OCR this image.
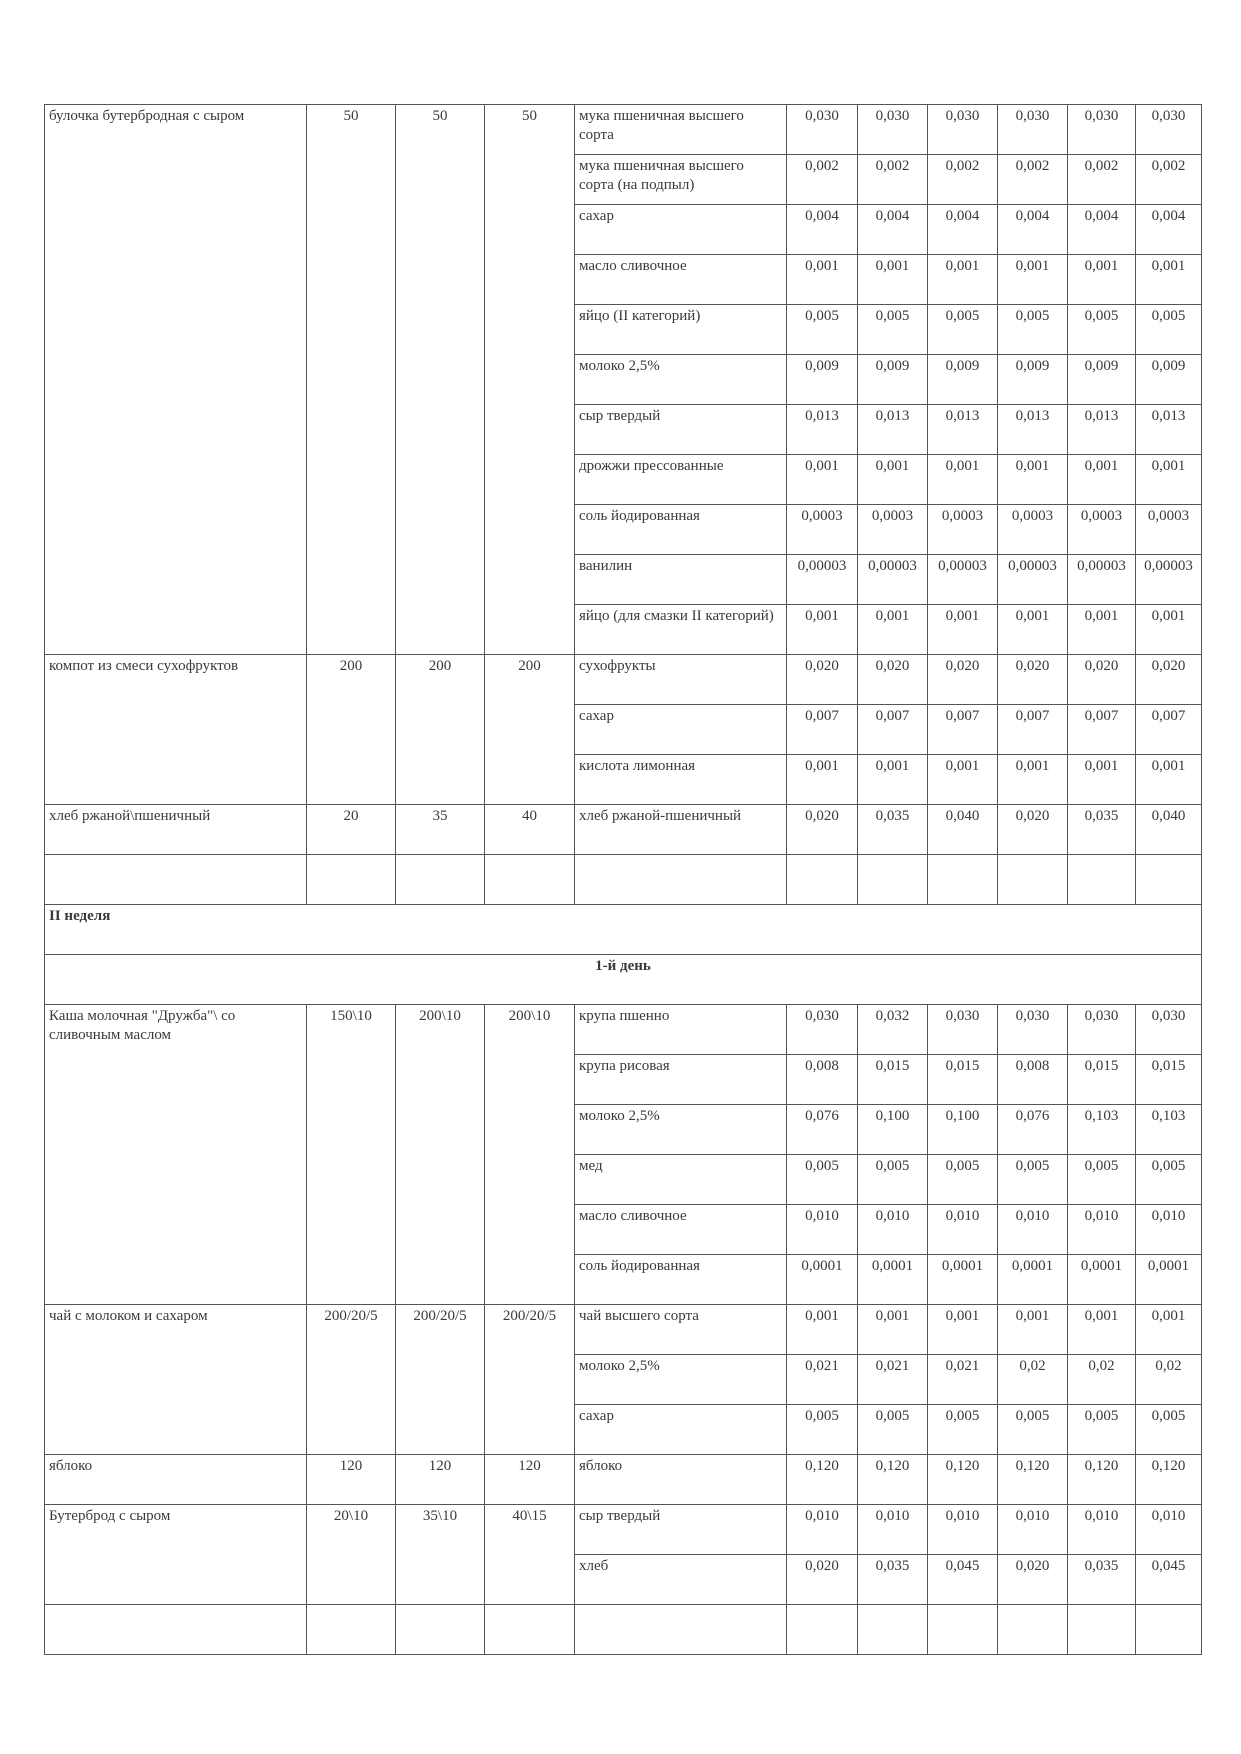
булочка бутербродная с сыром	50	50	50	мука пшеничная высшего сорта	0,030	0,030	0,030	0,030	0,030	0,030
				мука пшеничная высшего сорта (на подпыл)	0,002	0,002	0,002	0,002	0,002	0,002
				сахар	0,004	0,004	0,004	0,004	0,004	0,004
				масло сливочное	0,001	0,001	0,001	0,001	0,001	0,001
				яйцо (II категорий)	0,005	0,005	0,005	0,005	0,005	0,005
				молоко 2,5%	0,009	0,009	0,009	0,009	0,009	0,009
				сыр твердый	0,013	0,013	0,013	0,013	0,013	0,013
				дрожжи прессованные	0,001	0,001	0,001	0,001	0,001	0,001
				соль йодированная	0,0003	0,0003	0,0003	0,0003	0,0003	0,0003
				ванилин	0,00003	0,00003	0,00003	0,00003	0,00003	0,00003
				яйцо (для смазки II категорий)	0,001	0,001	0,001	0,001	0,001	0,001
компот из смеси сухофруктов	200	200	200	сухофрукты	0,020	0,020	0,020	0,020	0,020	0,020
				сахар	0,007	0,007	0,007	0,007	0,007	0,007
				кислота лимонная	0,001	0,001	0,001	0,001	0,001	0,001
хлеб ржаной\пшеничный	20	35	40	хлеб ржаной-пшеничный	0,020	0,035	0,040	0,020	0,035	0,040

II неделя										
1-й день										
Каша молочная "Дружба"\ со сливочным маслом	150\10	200\10	200\10	крупа пшенно	0,030	0,032	0,030	0,030	0,030	0,030
				крупа рисовая	0,008	0,015	0,015	0,008	0,015	0,015
				молоко 2,5%	0,076	0,100	0,100	0,076	0,103	0,103
				мед	0,005	0,005	0,005	0,005	0,005	0,005
				масло сливочное	0,010	0,010	0,010	0,010	0,010	0,010
				соль йодированная	0,0001	0,0001	0,0001	0,0001	0,0001	0,0001
чай с молоком и сахаром	200/20/5	200/20/5	200/20/5	чай высшего сорта	0,001	0,001	0,001	0,001	0,001	0,001
				молоко 2,5%	0,021	0,021	0,021	0,02	0,02	0,02
				сахар	0,005	0,005	0,005	0,005	0,005	0,005
яблоко	120	120	120	яблоко	0,120	0,120	0,120	0,120	0,120	0,120
Бутерброд с сыром	20\10	35\10	40\15	сыр твердый	0,010	0,010	0,010	0,010	0,010	0,010
				хлеб	0,020	0,035	0,045	0,020	0,035	0,045
